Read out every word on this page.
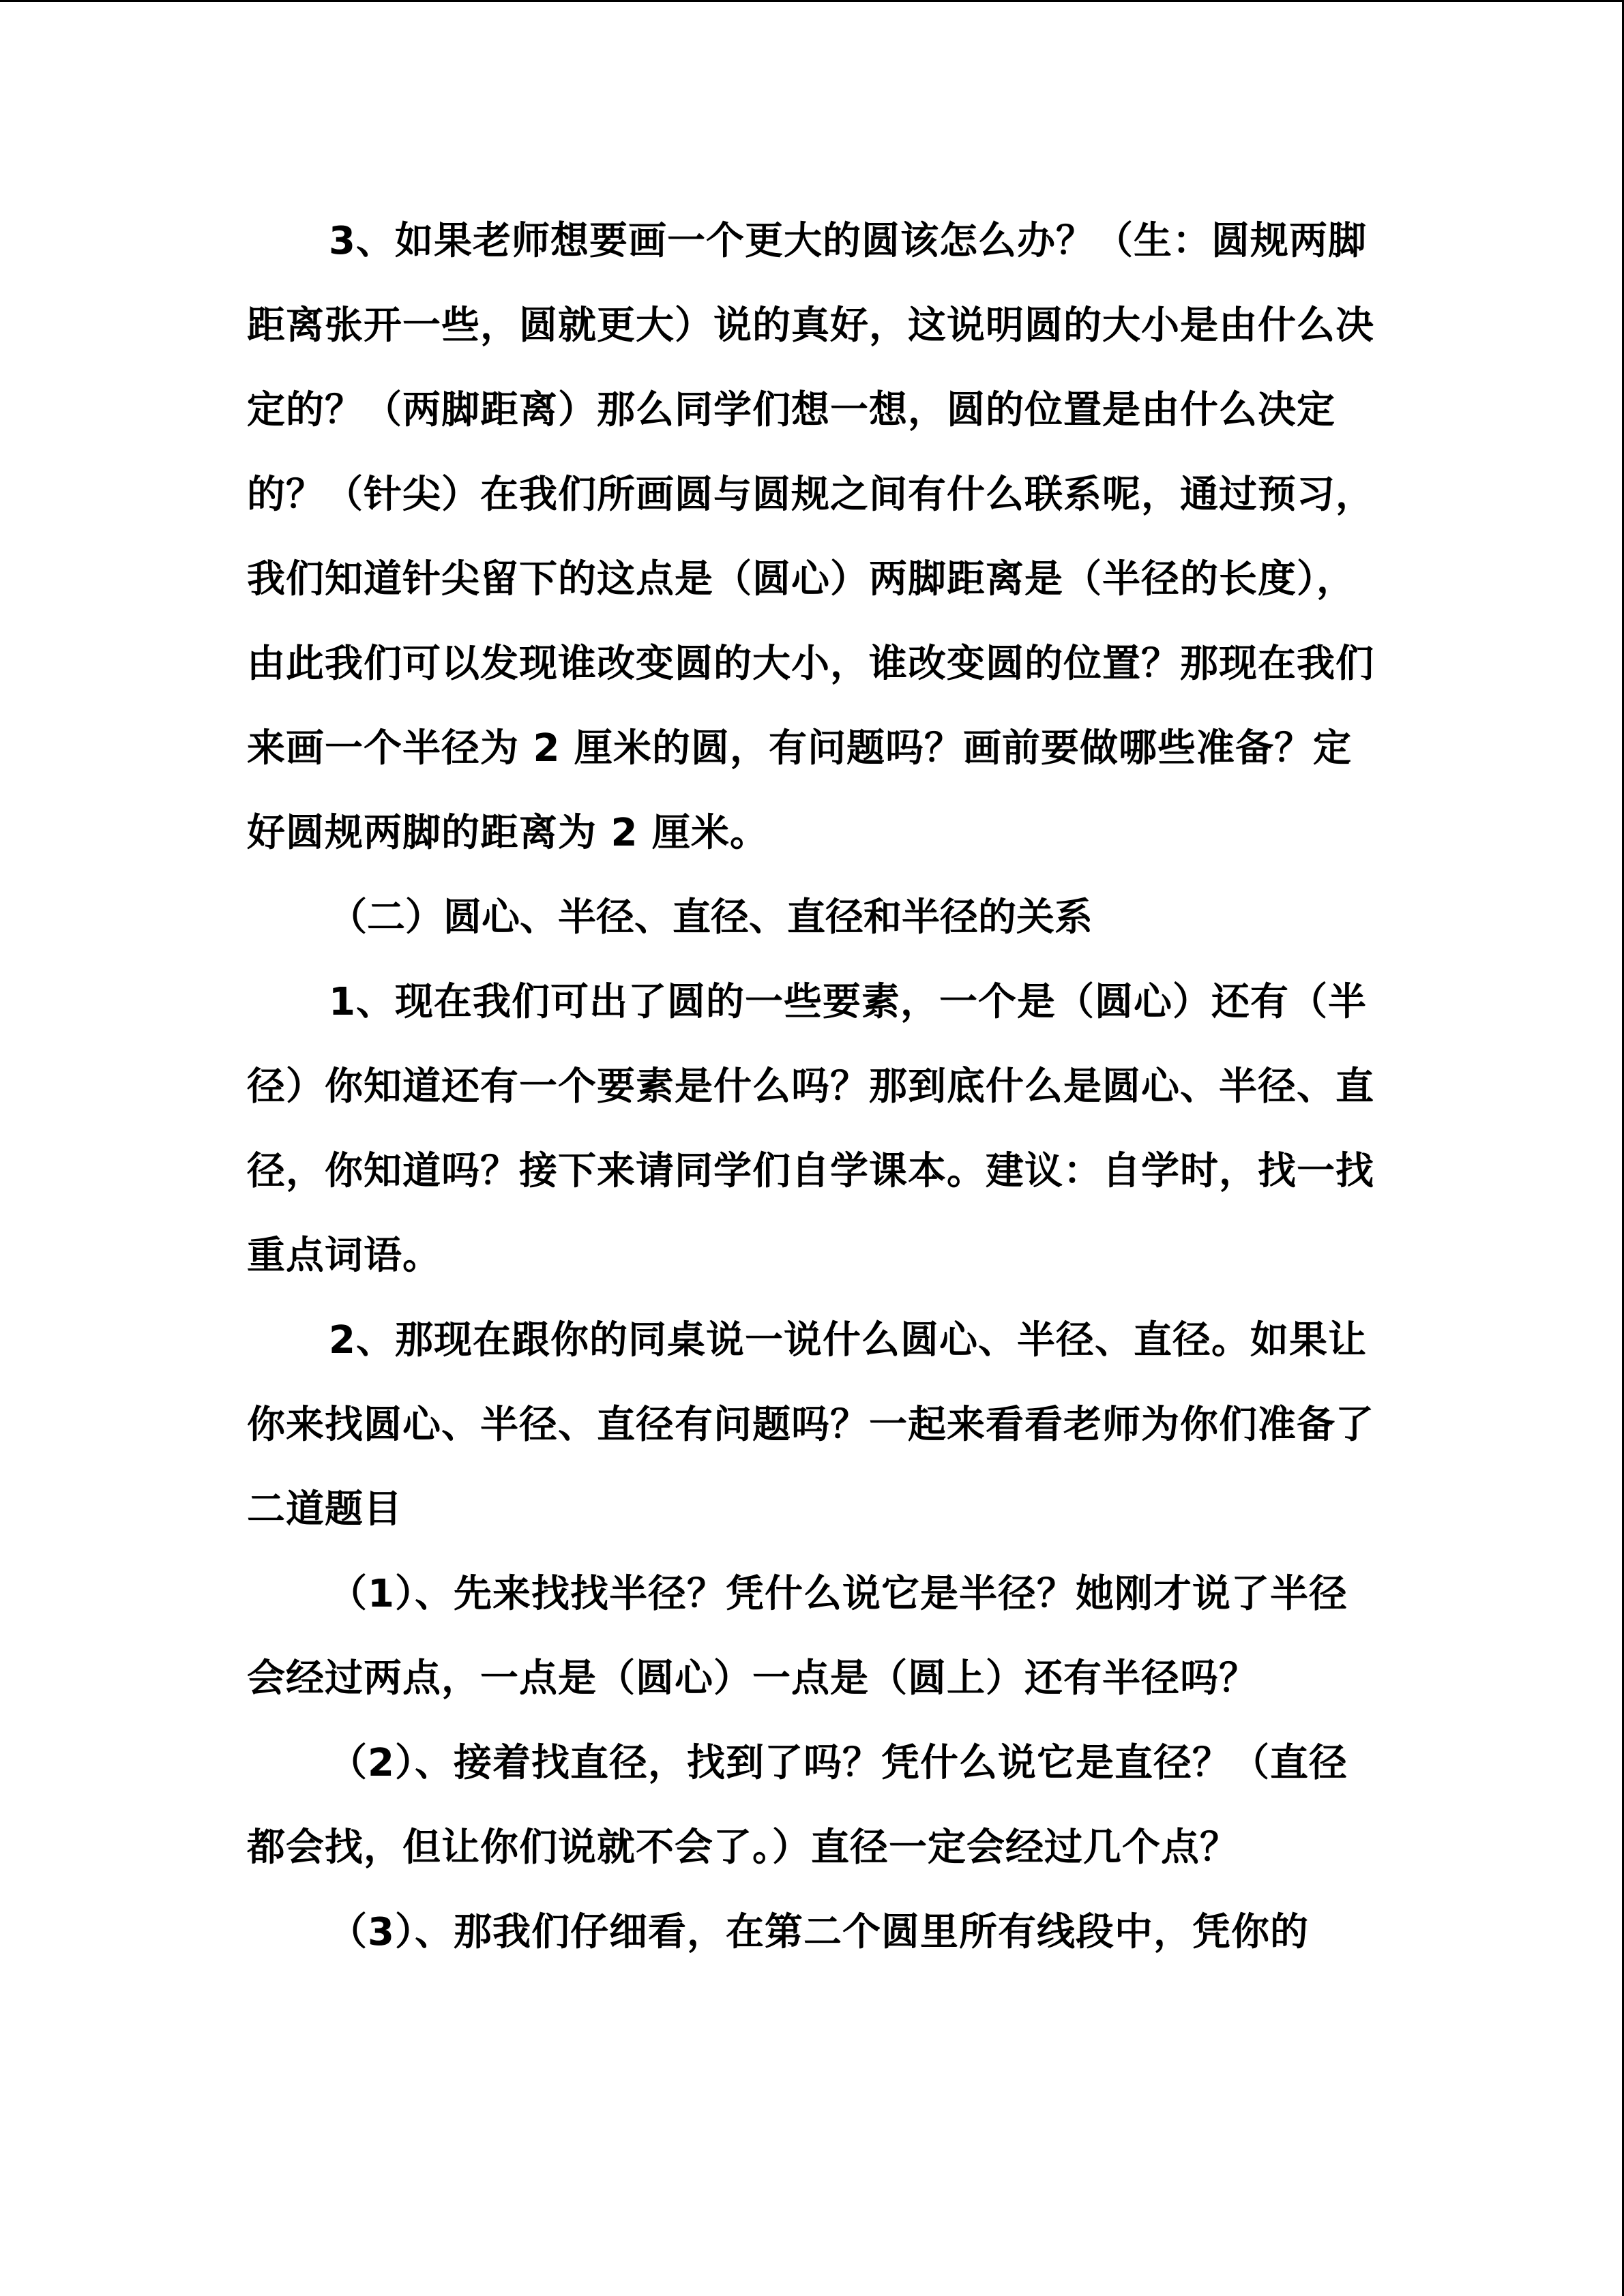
3、如果老师想要画一个更大的圆该怎么办？（生：圆规两脚距离张开一些，圆就更大）说的真好，这说明圆的大小是由什么决定的？（两脚距离）那么同学们想一想，圆的位置是由什么决定的？（针尖）在我们所画圆与圆规之间有什么联系呢，通过预习，我们知道针尖留下的这点是（圆心）两脚距离是（半径的长度），由此我们可以发现谁改变圆的大小，谁改变圆的位置？那现在我们来画一个半径为 2 厘米的圆，有问题吗？画前要做哪些准备？定好圆规两脚的距离为 2 厘米。

（二）圆心、半径、直径、直径和半径的关系

1、现在我们可出了圆的一些要素，一个是（圆心）还有（半径）你知道还有一个要素是什么吗？那到底什么是圆心、半径、直径，你知道吗？接下来请同学们自学课本。建议：自学时，找一找重点词语。

2、那现在跟你的同桌说一说什么圆心、半径、直径。如果让你来找圆心、半径、直径有问题吗？一起来看看老师为你们准备了二道题目

（1）、先来找找半径？凭什么说它是半径？她刚才说了半径会经过两点，一点是（圆心）一点是（圆上）还有半径吗？

（2）、接着找直径，找到了吗？凭什么说它是直径？（直径都会找，但让你们说就不会了。）直径一定会经过几个点？

（3）、那我们仔细看，在第二个圆里所有线段中，凭你的
